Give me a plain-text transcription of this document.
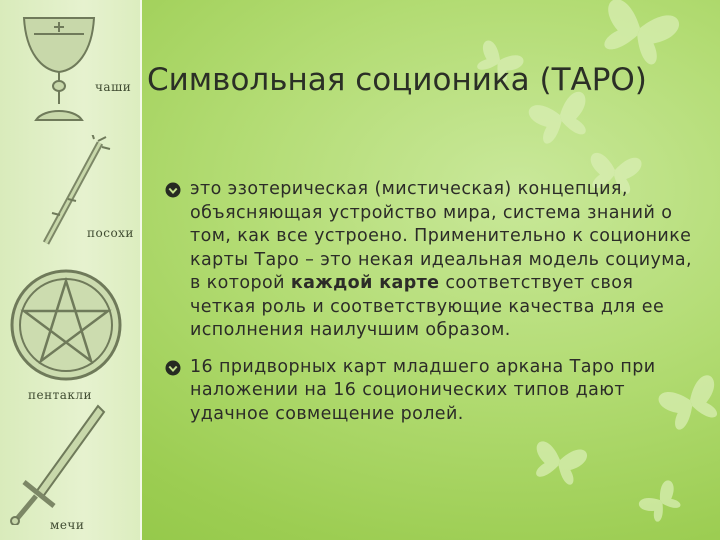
чаши
посохи
пентакли
мечи
Символьная соционика (ТАРО)
это эзотерическая (мистическая) концепция, объясняющая устройство мира, система знаний о том, как все устроено. Применительно к соционике карты Таро – это некая идеальная модель социума, в которой каждой карте соответствует своя четкая роль и соответствующие качества для ее исполнения наилучшим образом.
16 придворных карт младшего аркана Таро при наложении на 16 соционических типов дают удачное совмещение ролей.
